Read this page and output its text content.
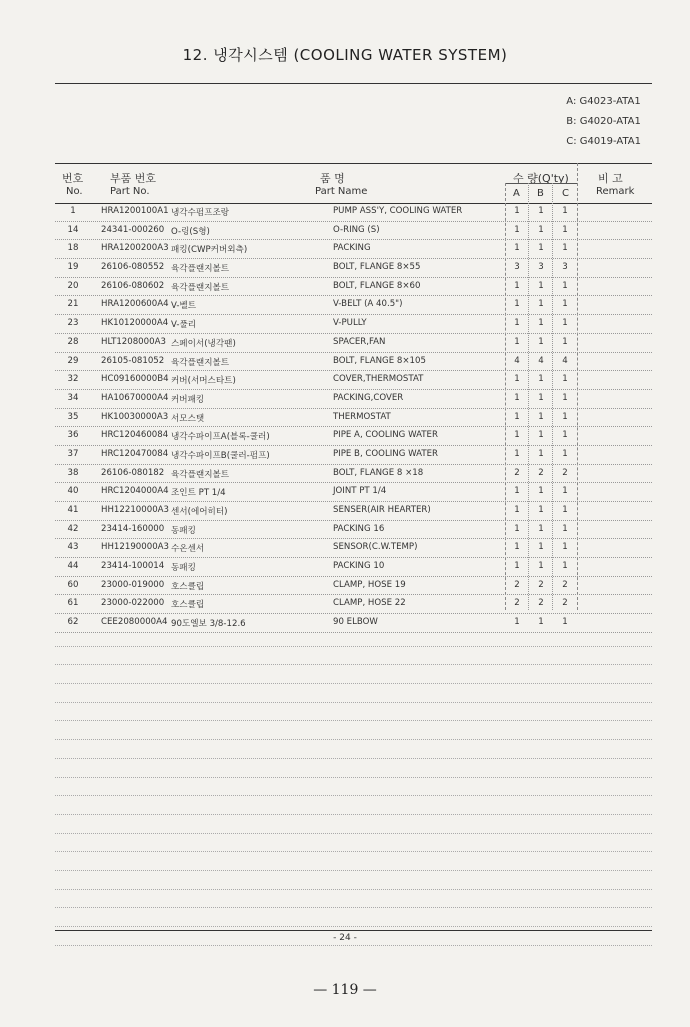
12. 냉각시스템 (COOLING WATER SYSTEM)
A: G4023-ATA1
B: G4020-ATA1
C: G4019-ATA1
번호
No.
부품 번호
Part No.
품 명
Part Name
수 량(Q'ty)
A B C
비 고
Remark
1	HRA1200100A1 냉각수펌프조랑	PUMP ASS'Y, COOLING WATER	1	1	1
14	24341-000260 O-링(S형)	O-RING (S)	1	1	1
18	HRA1200200A3 패킹(CWP커버외측)	PACKING	1	1	1
19	26106-080552 육각플랜지볼트	BOLT, FLANGE 8×55	3	3	3
20	26106-080602 육각플랜지볼트	BOLT, FLANGE 8×60	1	1	1
21	HRA1200600A4 V-벨트	V-BELT (A 40.5")	1	1	1
23	HK10120000A4 V-풀리	V-PULLY	1	1	1
28	HLT1208000A3 스페이서(냉각팬)	SPACER,FAN	1	1	1
29	26105-081052 육각플랜지볼트	BOLT, FLANGE 8×105	4	4	4
32	HC09160000B4 커버(서머스타트)	COVER,THERMOSTAT	1	1	1
34	HA10670000A4 커버패킹	PACKING,COVER	1	1	1
35	HK10030000A3 서모스탯	THERMOSTAT	1	1	1
36	HRC120460084 냉각수파이프A(블록-쿨러)	PIPE A, COOLING WATER	1	1	1
37	HRC120470084 냉각수파이프B(쿨러-펌프)	PIPE B, COOLING WATER	1	1	1
38	26106-080182 육각플랜지볼트	BOLT, FLANGE 8 ×18	2	2	2
40	HRC1204000A4 조인트 PT 1/4	JOINT PT 1/4	1	1	1
41	HH12210000A3 센서(에어히터)	SENSER(AIR HEARTER)	1	1	1
42	23414-160000 동패킹	PACKING 16	1	1	1
43	HH12190000A3 수온센서	SENSOR(C.W.TEMP)	1	1	1
44	23414-100014 동패킹	PACKING 10	1	1	1
60	23000-019000 호스클립	CLAMP, HOSE 19	2	2	2
61	23000-022000 호스클립	CLAMP, HOSE 22	2	2	2
62	CEE2080000A4 90도엘보 3/8-12.6	90 ELBOW	1	1	1
- 24 -
— 119 —
